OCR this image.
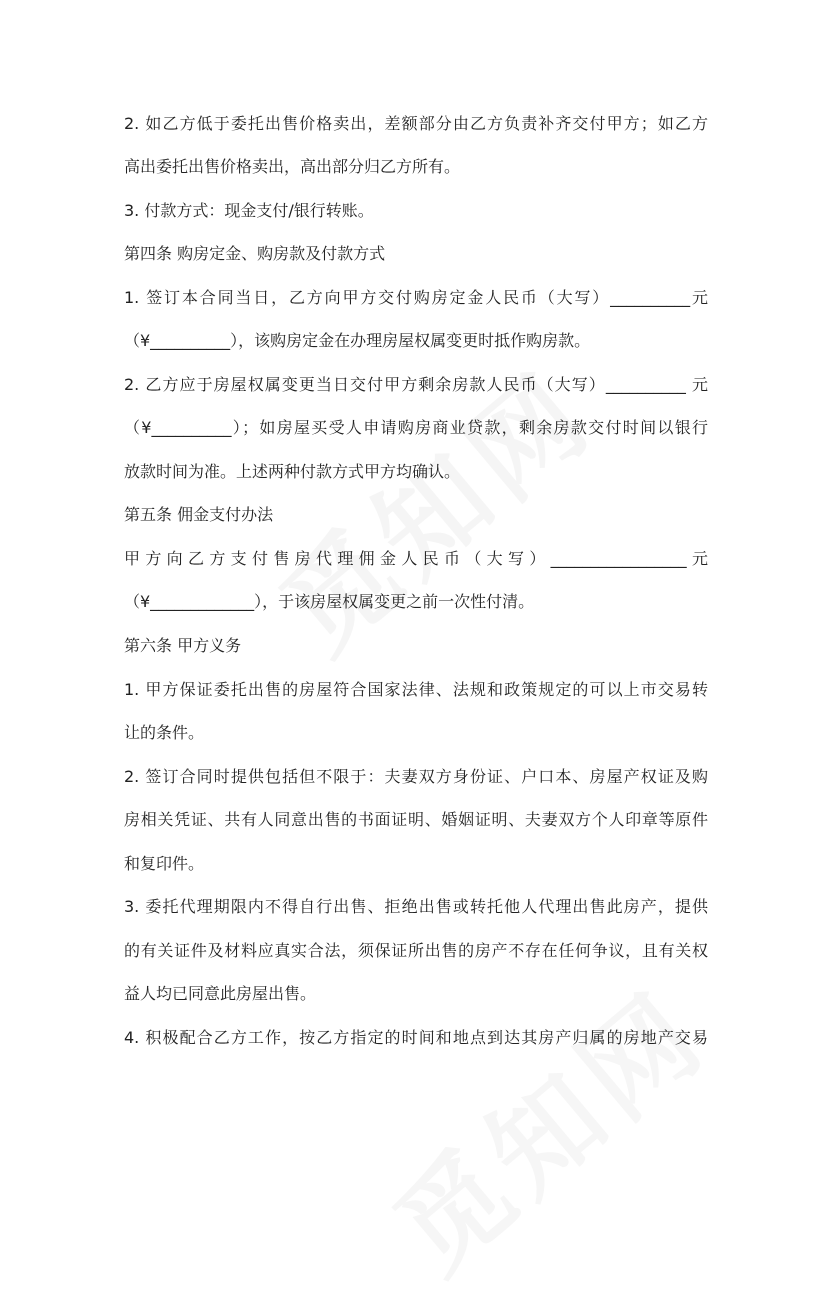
2. 如乙方低于委托出售价格卖出，差额部分由乙方负责补齐交付甲方；如乙方
高出委托出售价格卖出，高出部分归乙方所有。
3. 付款方式：现金支付/银行转账。
第四条 购房定金、购房款及付款方式
1. 签订本合同当日，乙方向甲方交付购房定金人民币（大写）__________元
（¥__________），该购房定金在办理房屋权属变更时抵作购房款。
2. 乙方应于房屋权属变更当日交付甲方剩余房款人民币（大写）__________ 元
（¥__________）；如房屋买受人申请购房商业贷款，剩余房款交付时间以银行
放款时间为准。上述两种付款方式甲方均确认。
第五条 佣金支付办法
甲方向乙方支付售房代理佣金人民币（大写）_________________元
（¥_____________），于该房屋权属变更之前一次性付清。
第六条 甲方义务
1. 甲方保证委托出售的房屋符合国家法律、法规和政策规定的可以上市交易转
让的条件。
2. 签订合同时提供包括但不限于：夫妻双方身份证、户口本、房屋产权证及购
房相关凭证、共有人同意出售的书面证明、婚姻证明、夫妻双方个人印章等原件
和复印件。
3. 委托代理期限内不得自行出售、拒绝出售或转托他人代理出售此房产，提供
的有关证件及材料应真实合法，须保证所出售的房产不存在任何争议，且有关权
益人均已同意此房屋出售。
4. 积极配合乙方工作，按乙方指定的时间和地点到达其房产归属的房地产交易
